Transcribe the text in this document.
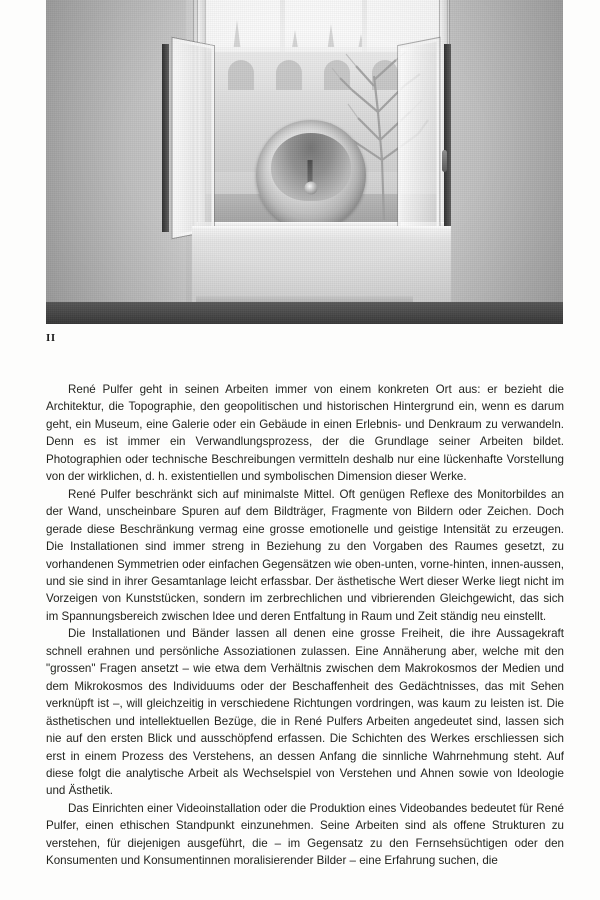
II

René Pulfer geht in seinen Arbeiten immer von einem konkreten Ort aus: er bezieht die Architektur, die Topographie, den geopolitischen und historischen Hintergrund ein, wenn es darum geht, ein Museum, eine Galerie oder ein Gebäude in einen Erlebnis- und Denkraum zu verwandeln. Denn es ist immer ein Verwandlungsprozess, der die Grundlage seiner Arbeiten bildet. Photographien oder technische Beschreibungen vermitteln deshalb nur eine lückenhafte Vorstellung von der wirklichen, d. h. existentiellen und symbolischen Dimension dieser Werke.

René Pulfer beschränkt sich auf minimalste Mittel. Oft genügen Reflexe des Monitorbildes an der Wand, unscheinbare Spuren auf dem Bildträger, Fragmente von Bildern oder Zeichen. Doch gerade diese Beschränkung vermag eine grosse emotionelle und geistige Intensität zu erzeugen. Die Installationen sind immer streng in Beziehung zu den Vorgaben des Raumes gesetzt, zu vorhandenen Symmetrien oder einfachen Gegensätzen wie oben-unten, vorne-hinten, innen-aussen, und sie sind in ihrer Gesamtanlage leicht erfassbar. Der ästhetische Wert dieser Werke liegt nicht im Vorzeigen von Kunststücken, sondern im zerbrechlichen und vibrierenden Gleichgewicht, das sich im Spannungsbereich zwischen Idee und deren Entfaltung in Raum und Zeit ständig neu einstellt.

Die Installationen und Bänder lassen all denen eine grosse Freiheit, die ihre Aussagekraft schnell erahnen und persönliche Assoziationen zulassen. Eine Annäherung aber, welche mit den "grossen" Fragen ansetzt – wie etwa dem Verhältnis zwischen dem Makrokosmos der Medien und dem Mikrokosmos des Individuums oder der Beschaffenheit des Gedächtnisses, das mit Sehen verknüpft ist –, will gleichzeitig in verschiedene Richtungen vordringen, was kaum zu leisten ist. Die ästhetischen und intellektuellen Bezüge, die in René Pulfers Arbeiten angedeutet sind, lassen sich nie auf den ersten Blick und ausschöpfend erfassen. Die Schichten des Werkes erschliessen sich erst in einem Prozess des Verstehens, an dessen Anfang die sinnliche Wahrnehmung steht. Auf diese folgt die analytische Arbeit als Wechselspiel von Verstehen und Ahnen sowie von Ideologie und Ästhetik.

Das Einrichten einer Videoinstallation oder die Produktion eines Videobandes bedeutet für René Pulfer, einen ethischen Standpunkt einzunehmen. Seine Arbeiten sind als offene Strukturen zu verstehen, für diejenigen ausgeführt, die – im Gegensatz zu den Fernsehsüchtigen oder den Konsumenten und Konsumentinnen moralisierender Bilder – eine Erfahrung suchen, die
